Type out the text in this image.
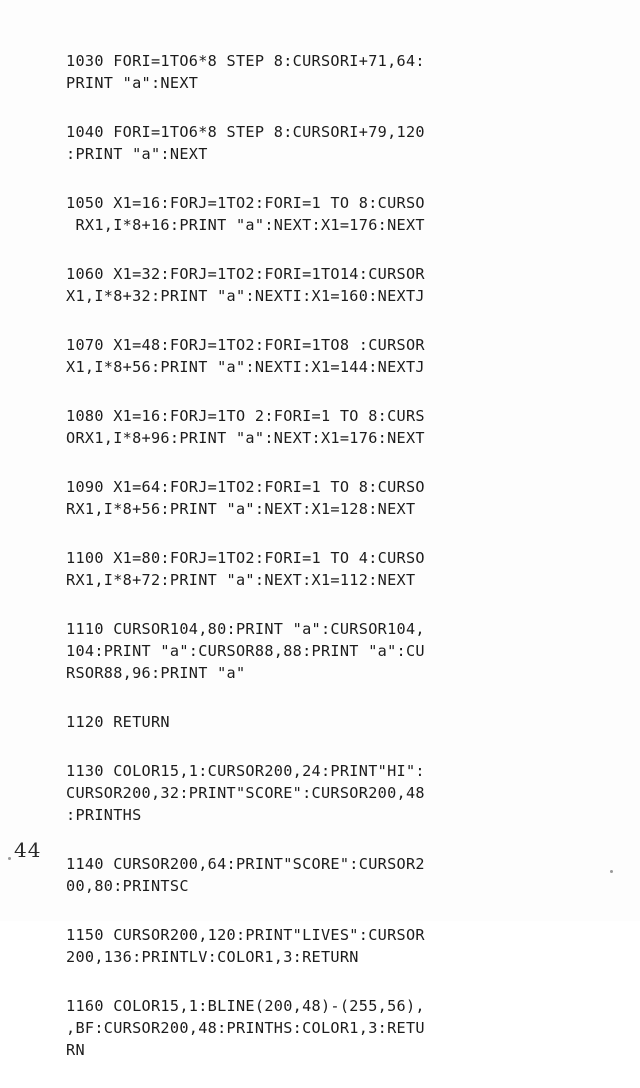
1030 FORI=1TO6*8 STEP 8:CURSORI+71,64:
PRINT "a":NEXT
1040 FORI=1TO6*8 STEP 8:CURSORI+79,120
:PRINT "a":NEXT
1050 X1=16:FORJ=1TO2:FORI=1 TO 8:CURSO
RX1,I*8+16:PRINT "a":NEXT:X1=176:NEXT
1060 X1=32:FORJ=1TO2:FORI=1TO14:CURSOR
X1,I*8+32:PRINT "a":NEXTI:X1=160:NEXTJ
1070 X1=48:FORJ=1TO2:FORI=1TO8 :CURSOR
X1,I*8+56:PRINT "a":NEXTI:X1=144:NEXTJ
1080 X1=16:FORJ=1TO 2:FORI=1 TO 8:CURS
ORX1,I*8+96:PRINT "a":NEXT:X1=176:NEXT
1090 X1=64:FORJ=1TO2:FORI=1 TO 8:CURSO
RX1,I*8+56:PRINT "a":NEXT:X1=128:NEXT
1100 X1=80:FORJ=1TO2:FORI=1 TO 4:CURSO
RX1,I*8+72:PRINT "a":NEXT:X1=112:NEXT
1110 CURSOR104,80:PRINT "a":CURSOR104,
104:PRINT "a":CURSOR88,88:PRINT "a":CU
RSOR88,96:PRINT "a"
1120 RETURN
1130 COLOR15,1:CURSOR200,24:PRINT"HI":
CURSOR200,32:PRINT"SCORE":CURSOR200,48
:PRINTHS
1140 CURSOR200,64:PRINT"SCORE":CURSOR2
00,80:PRINTSC
1150 CURSOR200,120:PRINT"LIVES":CURSOR
200,136:PRINTLV:COLOR1,3:RETURN
1160 COLOR15,1:BLINE(200,48)-(255,56),
,BF:CURSOR200,48:PRINTHS:COLOR1,3:RETU
RN
44
